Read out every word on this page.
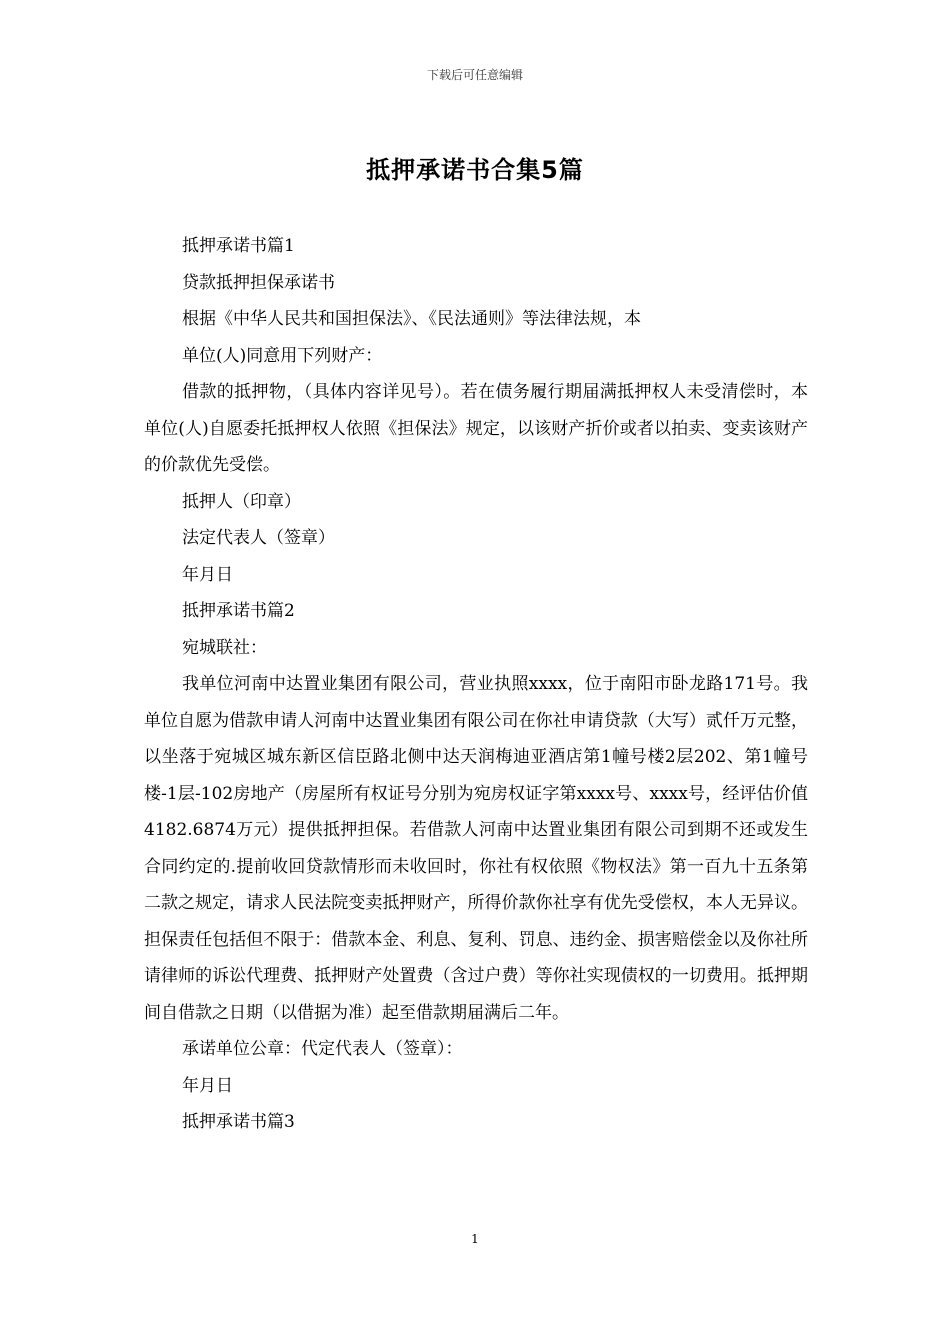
下载后可任意编辑
抵押承诺书合集5篇

抵押承诺书篇1

贷款抵押担保承诺书

根据《中华人民共和国担保法》、《民法通则》等法律法规，本

单位(人)同意用下列财产：

借款的抵押物，（具体内容详见号）。若在债务履行期届满抵押权人未受清偿时，本单位(人)自愿委托抵押权人依照《担保法》规定，以该财产折价或者以拍卖、变卖该财产的价款优先受偿。

抵押人（印章）

法定代表人（签章）

年月日

抵押承诺书篇2

宛城联社：

我单位河南中达置业集团有限公司，营业执照xxxx，位于南阳市卧龙路171号。我单位自愿为借款申请人河南中达置业集团有限公司在你社申请贷款（大写）贰仟万元整，以坐落于宛城区城东新区信臣路北侧中达天润梅迪亚酒店第1幢号楼2层202、第1幢号楼-1层-102房地产（房屋所有权证号分别为宛房权证字第xxxx号、xxxx号，经评估价值4182.6874万元）提供抵押担保。若借款人河南中达置业集团有限公司到期不还或发生合同约定的.提前收回贷款情形而未收回时，你社有权依照《物权法》第一百九十五条第二款之规定，请求人民法院变卖抵押财产，所得价款你社享有优先受偿权，本人无异议。担保责任包括但不限于：借款本金、利息、复利、罚息、违约金、损害赔偿金以及你社所请律师的诉讼代理费、抵押财产处置费（含过户费）等你社实现债权的一切费用。抵押期间自借款之日期（以借据为准）起至借款期届满后二年。

承诺单位公章：代定代表人（签章）：

年月日

抵押承诺书篇3

1
